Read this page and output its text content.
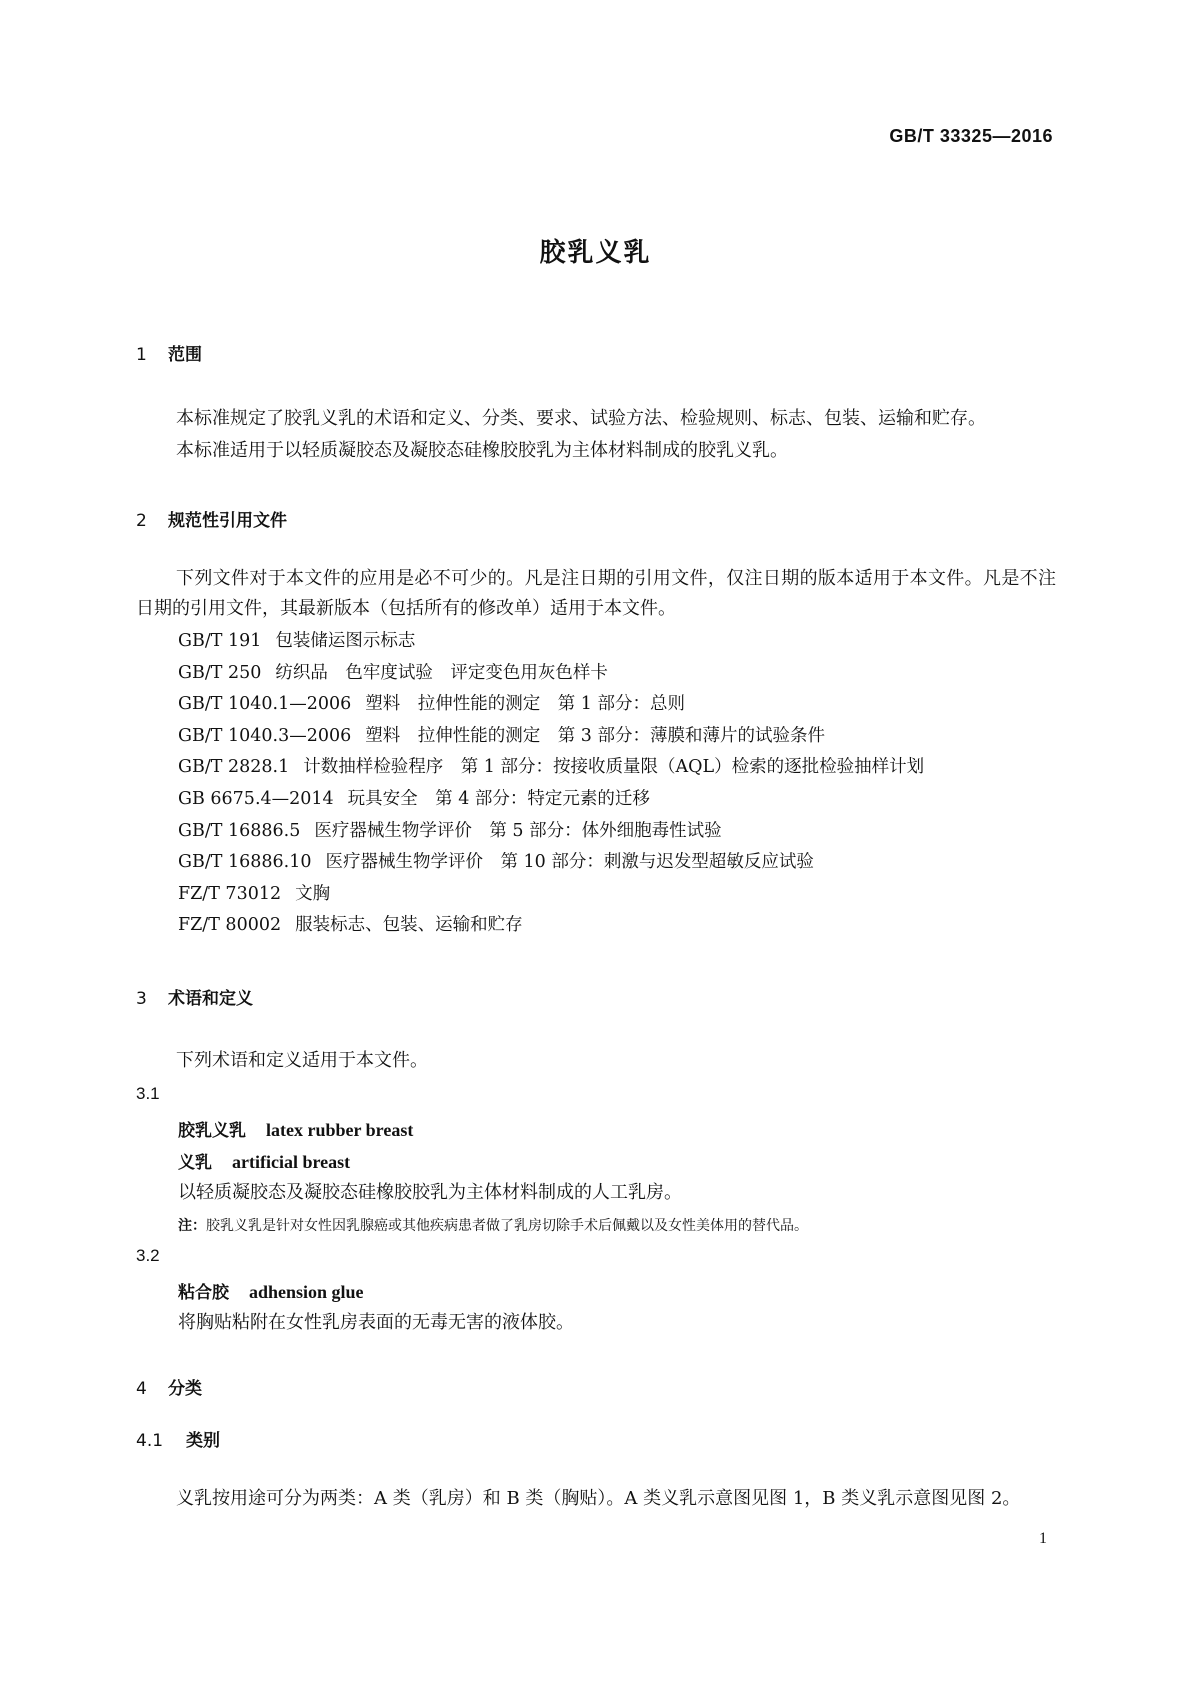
GB/T 33325—2016
胶乳义乳
1 范围
本标准规定了胶乳义乳的术语和定义、分类、要求、试验方法、检验规则、标志、包装、运输和贮存。
本标准适用于以轻质凝胶态及凝胶态硅橡胶胶乳为主体材料制成的胶乳义乳。
2 规范性引用文件
下列文件对于本文件的应用是必不可少的。凡是注日期的引用文件，仅注日期的版本适用于本文件。凡是不注日期的引用文件，其最新版本（包括所有的修改单）适用于本文件。
GB/T 191 包装储运图示标志
GB/T 250 纺织品　色牢度试验　评定变色用灰色样卡
GB/T 1040.1—2006 塑料　拉伸性能的测定　第 1 部分：总则
GB/T 1040.3—2006 塑料　拉伸性能的测定　第 3 部分：薄膜和薄片的试验条件
GB/T 2828.1 计数抽样检验程序　第 1 部分：按接收质量限（AQL）检索的逐批检验抽样计划
GB 6675.4—2014 玩具安全　第 4 部分：特定元素的迁移
GB/T 16886.5 医疗器械生物学评价　第 5 部分：体外细胞毒性试验
GB/T 16886.10 医疗器械生物学评价　第 10 部分：刺激与迟发型超敏反应试验
FZ/T 73012 文胸
FZ/T 80002 服装标志、包装、运输和贮存
3 术语和定义
下列术语和定义适用于本文件。
3.1
胶乳义乳 latex rubber breast
义乳 artificial breast
以轻质凝胶态及凝胶态硅橡胶胶乳为主体材料制成的人工乳房。
注：胶乳义乳是针对女性因乳腺癌或其他疾病患者做了乳房切除手术后佩戴以及女性美体用的替代品。
3.2
粘合胶 adhension glue
将胸贴粘附在女性乳房表面的无毒无害的液体胶。
4 分类
4.1 类别
义乳按用途可分为两类：A 类（乳房）和 B 类（胸贴）。A 类义乳示意图见图 1，B 类义乳示意图见图 2。
1
